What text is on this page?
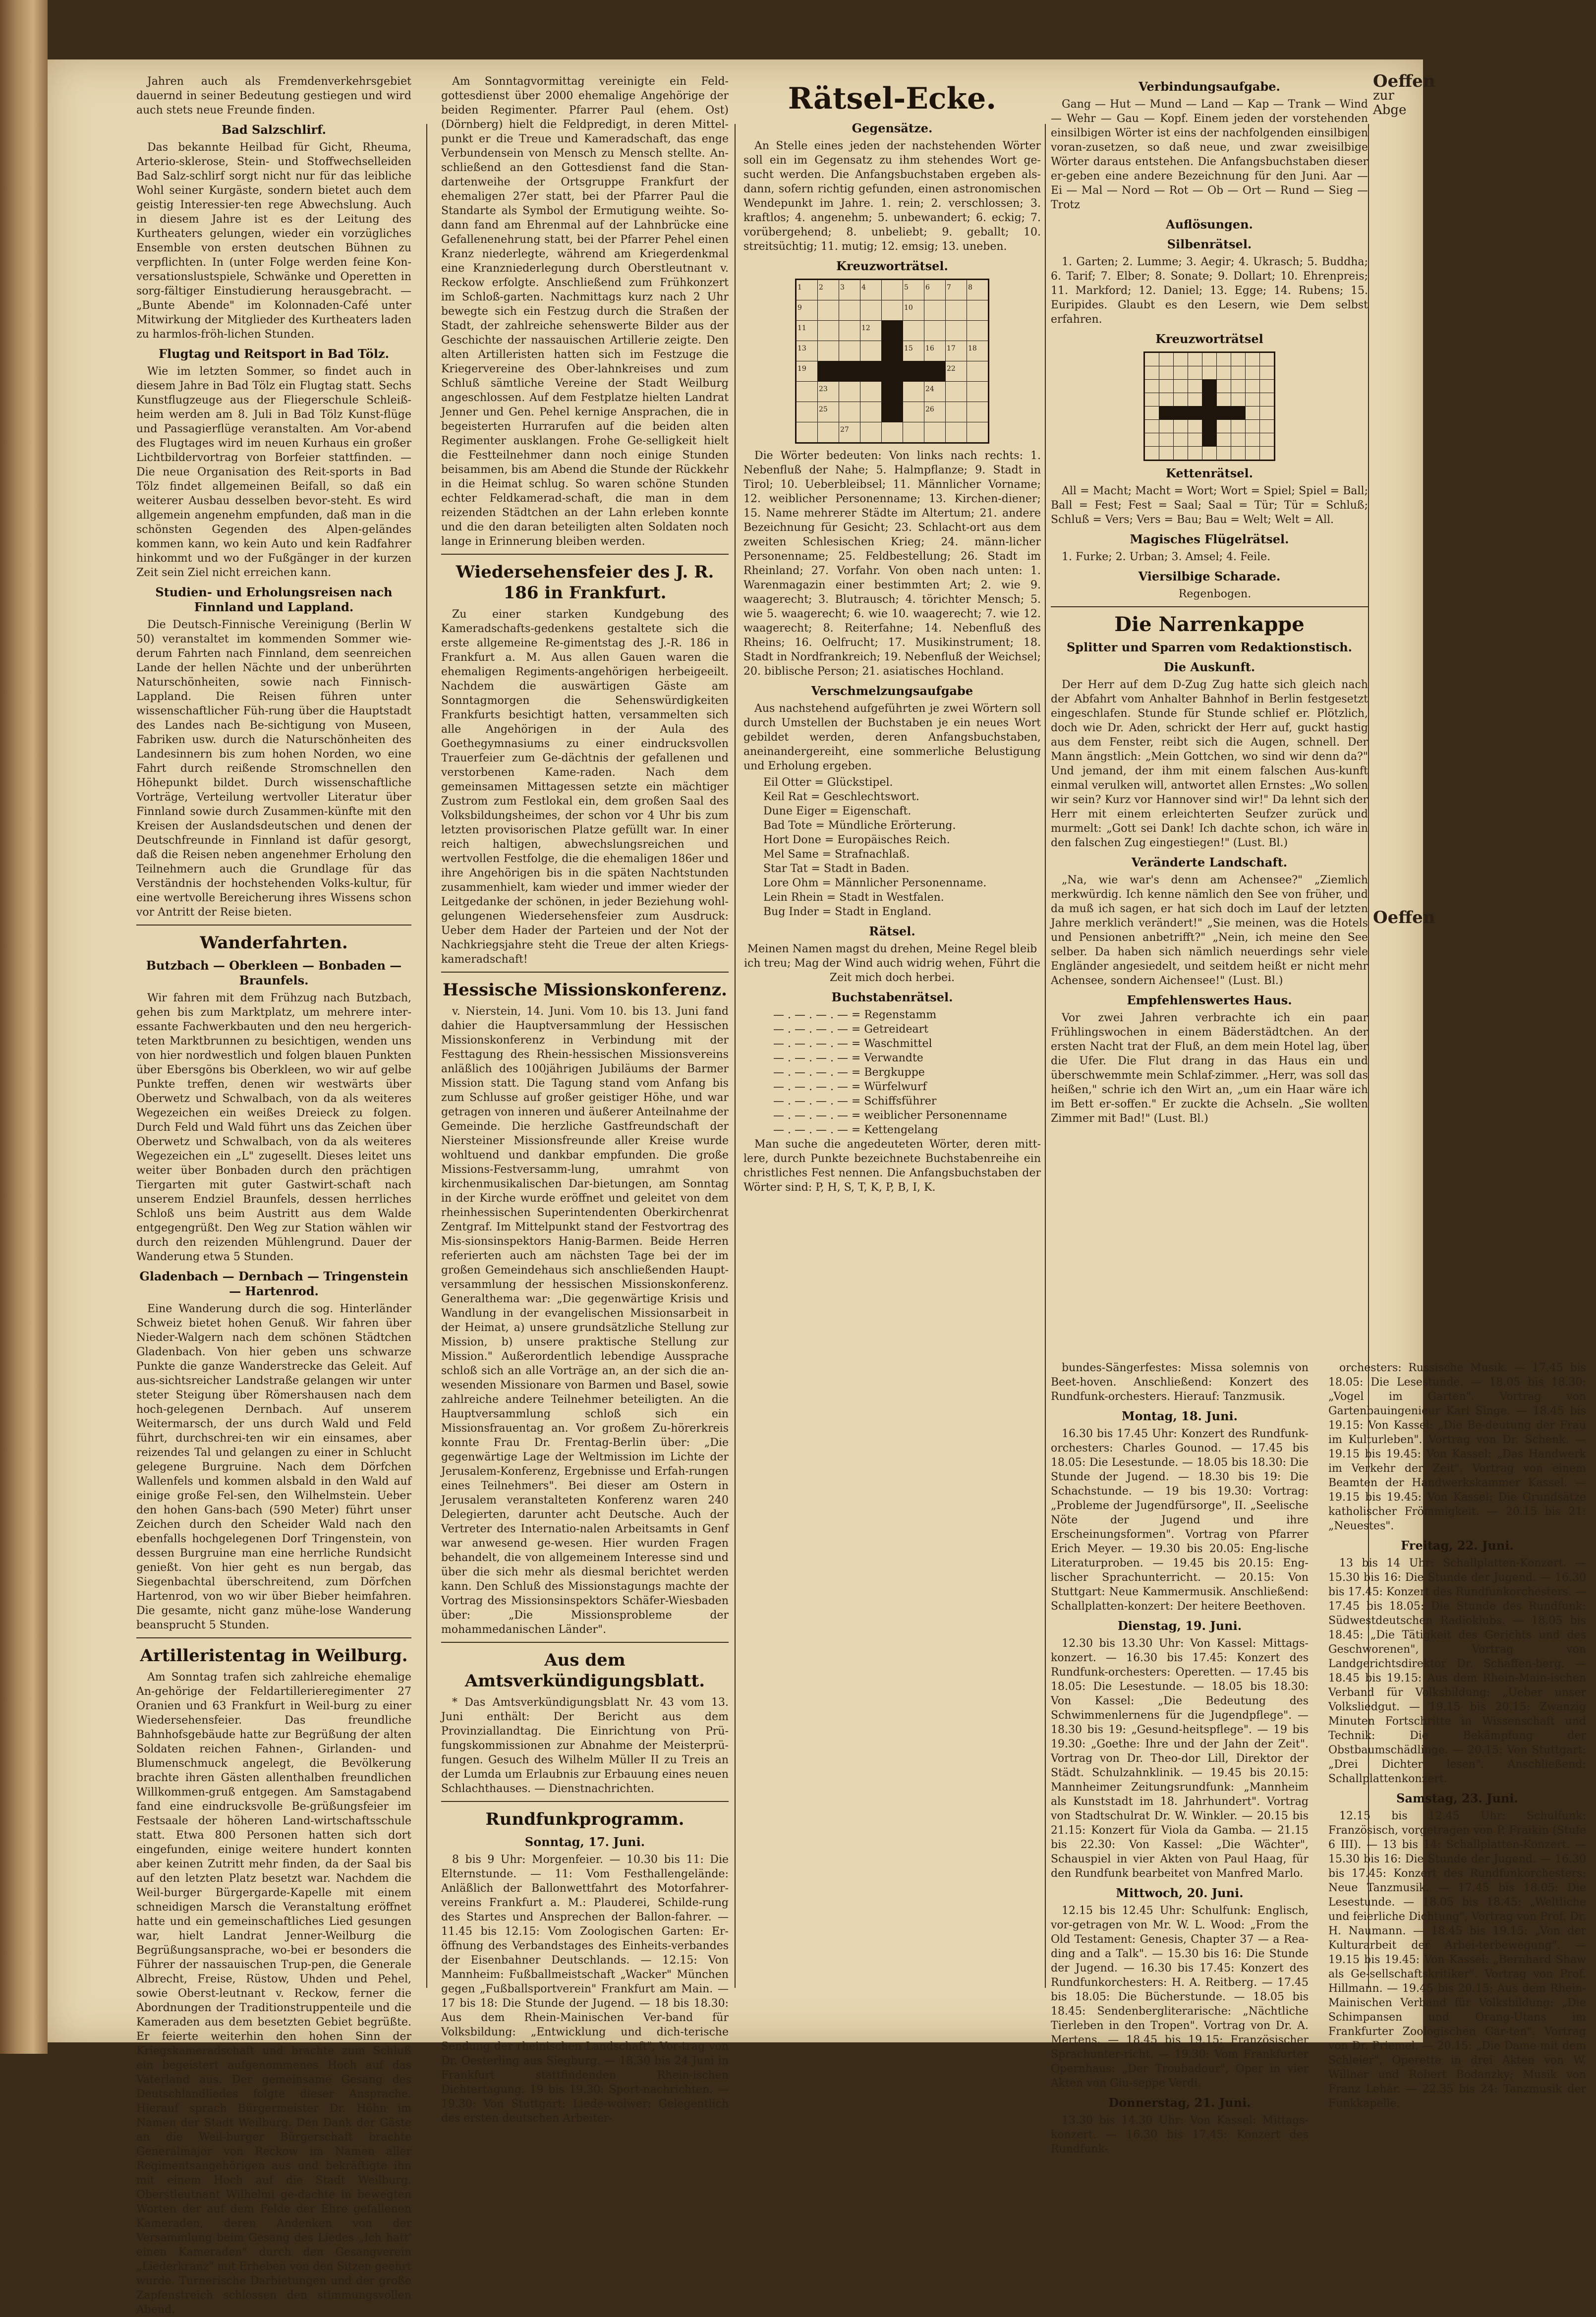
Jahren auch als Fremdenverkehrsgebiet dauernd in seiner Bedeutung gestiegen und wird auch stets neue Freunde finden.

Bad Salzschlirf.

Das bekannte Heilbad für Gicht, Rheuma, Arterio-sklerose, Stein- und Stoffwechselleiden Bad Salz-schlirf sorgt nicht nur für das leibliche Wohl seiner Kurgäste, sondern bietet auch dem geistig Interessier-ten rege Abwechslung. Auch in diesem Jahre ist es der Leitung des Kurtheaters gelungen, wieder ein vorzügliches Ensemble von ersten deutschen Bühnen zu verpflichten. In (unter Folge werden feine Kon-versationslustspiele, Schwänke und Operetten in sorg-fältiger Einstudierung herausgebracht. — „Bunte Abende" im Kolonnaden-Café unter Mitwirkung der Mitglieder des Kurtheaters laden zu harmlos-fröh-lichen Stunden.

Flugtag und Reitsport in Bad Tölz.

Wie im letzten Sommer, so findet auch in diesem Jahre in Bad Tölz ein Flugtag statt. Sechs Kunstflugzeuge aus der Fliegerschule Schleiß-heim werden am 8. Juli in Bad Tölz Kunst-flüge und Passagierflüge veranstalten. Am Vor-abend des Flugtages wird im neuen Kurhaus ein großer Lichtbildervortrag von Borfeier stattfinden. — Die neue Organisation des Reit-sports in Bad Tölz findet allgemeinen Beifall, so daß ein weiterer Ausbau desselben bevor-steht. Es wird allgemein angenehm empfunden, daß man in die schönsten Gegenden des Alpen-geländes kommen kann, wo kein Auto und kein Radfahrer hinkommt und wo der Fußgänger in der kurzen Zeit sein Ziel nicht erreichen kann.

Studien- und Erholungsreisen nach Finnland und Lappland.

Die Deutsch-Finnische Vereinigung (Berlin W 50) veranstaltet im kommenden Sommer wie-derum Fahrten nach Finnland, dem seenreichen Lande der hellen Nächte und der unberührten Naturschönheiten, sowie nach Finnisch-Lappland. Die Reisen führen unter wissenschaftlicher Füh-rung über die Hauptstadt des Landes nach Be-sichtigung von Museen, Fabriken usw. durch die Naturschönheiten des Landesinnern bis zum hohen Norden, wo eine Fahrt durch reißende Stromschnellen den Höhepunkt bildet. Durch wissenschaftliche Vorträge, Verteilung wertvoller Literatur über Finnland sowie durch Zusammen-künfte mit den Kreisen der Auslandsdeutschen und denen der Deutschfreunde in Finnland ist dafür gesorgt, daß die Reisen neben angenehmer Erholung den Teilnehmern auch die Grundlage für das Verständnis der hochstehenden Volks-kultur, für eine wertvolle Bereicherung ihres Wissens schon vor Antritt der Reise bieten.

Wanderfahrten.
Butzbach — Oberkleen — Bonbaden — Braunfels.

Wir fahren mit dem Frühzug nach Butzbach, gehen bis zum Marktplatz, um mehrere inter-essante Fachwerkbauten und den neu hergerich-teten Marktbrunnen zu besichtigen, wenden uns von hier nordwestlich und folgen blauen Punkten über Ebersgöns bis Oberkleen, wo wir auf gelbe Punkte treffen, denen wir westwärts über Oberwetz und Schwalbach, von da als weiteres Wegezeichen ein weißes Dreieck zu folgen. Durch Feld und Wald führt uns das Zeichen über Oberwetz und Schwalbach, von da als weiteres Wegezeichen ein „L" zugesellt. Dieses leitet uns weiter über Bonbaden durch den prächtigen Tiergarten mit guter Gastwirt-schaft nach unserem Endziel Braunfels, dessen herrliches Schloß uns beim Austritt aus dem Walde entgegengrüßt. Den Weg zur Station wählen wir durch den reizenden Mühlengrund. Dauer der Wanderung etwa 5 Stunden.

Gladenbach — Dernbach — Tringenstein — Hartenrod.

Eine Wanderung durch die sog. Hinterländer Schweiz bietet hohen Genuß. Wir fahren über Nieder-Walgern nach dem schönen Städtchen Gladenbach. Von hier geben uns schwarze Punkte die ganze Wanderstrecke das Geleit. Auf aus-sichtsreicher Landstraße gelangen wir unter steter Steigung über Römershausen nach dem hoch-gelegenen Dernbach. Auf unserem Weitermarsch, der uns durch Wald und Feld führt, durchschrei-ten wir ein einsames, aber reizendes Tal und gelangen zu einer in Schlucht gelegene Burgruine. Nach dem Dörfchen Wallenfels und kommen alsbald in den Wald auf einige große Fel-sen, den Wilhelmstein. Ueber den hohen Gans-bach (590 Meter) führt unser Zeichen durch den Scheider Wald nach den ebenfalls hochgelegenen Dorf Tringenstein, von dessen Burgruine man eine herrliche Rundsicht genießt. Von hier geht es nun bergab, das Siegenbachtal überschreitend, zum Dörfchen Hartenrod, von wo wir über Bieber heimfahren. Die gesamte, nicht ganz mühe-lose Wanderung beansprucht 5 Stunden.

Artilleristentag in Weilburg.

Am Sonntag trafen sich zahlreiche ehemalige An-gehörige der Feldartillerieregimenter 27 Oranien und 63 Frankfurt in Weil-burg zu einer Wiedersehensfeier. Das freundliche Bahnhofsgebäude hatte zur Begrüßung der alten Soldaten reichen Fahnen-, Girlanden- und Blumenschmuck angelegt, die Bevölkerung brachte ihren Gästen allenthalben freundlichen Willkommen-gruß entgegen. Am Samstagabend fand eine eindrucksvolle Be-grüßungsfeier im Festsaale der höheren Land-wirtschaftsschule statt. Etwa 800 Personen hatten sich dort eingefunden, einige weitere hundert konnten aber keinen Zutritt mehr finden, da der Saal bis auf den letzten Platz besetzt war. Nachdem die Weil-burger Bürgergarde-Kapelle mit einem schneidigen Marsch die Veranstaltung eröffnet hatte und ein gemeinschaftliches Lied gesungen war, hielt Landrat Jenner-Weilburg die Begrüßungsansprache, wo-bei er besonders die Führer der nassauischen Trup-pen, die Generale Albrecht, Freise, Rüstow, Uhden und Pehel, sowie Oberst-leutnant v. Reckow, ferner die Abordnungen der Traditionstruppenteile und die Kameraden aus dem besetzten Gebiet begrüßte. Er feierte weiterhin den hohen Sinn der Kriegskameradschaft und brachte zum Schluß ein begeistert aufgenommenes Hoch auf das Vaterland aus. Der gemeinsame Gesang des Deutschlandliedes folgte dieser Ansprache. Hierauf sprach Bürgermeister Dr. Höhn im Namen der Stadt Weilburg. Den Dank der Gäste an die Weil-burger Bürgerschaft brachte Generalmajor von Reckow im Namen aller Regimentsangehörigen aus und bekräftigte ihn mit einem Hoch auf die Stadt Weilburg. Oberstleutnant Wilhelmi ge-dachte in bewegten Worten der auf dem Felde der Ehre gefallenen Kameraden, deren Andenken von der Versammlung beim Gesang des Liedes „Ich hatt' einen Kameraden" durch den Gesangverein „Liederkranz" mit Erheben von den Sitzen geehrt wurde. Turnerische Darbietungen und der große Zapfenstreich schlossen den stimmungsvollen Abend.

Am Sonntagvormittag vereinigte ein Feld-gottesdienst über 2000 ehemalige Angehörige der beiden Regimenter. Pfarrer Paul (ehem. Ost) (Dörnberg) hielt die Feldpredigt, in deren Mittel-punkt er die Treue und Kameradschaft, das enge Verbundensein von Mensch zu Mensch stellte. An-schließend an den Gottesdienst fand die Stan-dartenweihe der Ortsgruppe Frankfurt der ehemaligen 27er statt, bei der Pfarrer Paul die Standarte als Symbol der Ermutigung weihte. So-dann fand am Ehrenmal auf der Lahnbrücke eine Gefallenenehrung statt, bei der Pfarrer Pehel einen Kranz niederlegte, während am Kriegerdenkmal eine Kranzniederlegung durch Oberstleutnant v. Reckow erfolgte. Anschließend zum Frühkonzert im Schloß-garten. Nachmittags kurz nach 2 Uhr bewegte sich ein Festzug durch die Straßen der Stadt, der zahlreiche sehenswerte Bilder aus der Geschichte der nassauischen Artillerie zeigte. Den alten Artilleristen hatten sich im Festzuge die Kriegervereine des Ober-lahnkreises und zum Schluß sämtliche Vereine der Stadt Weilburg angeschlossen. Auf dem Festplatze hielten Landrat Jenner und Gen. Pehel kernige Ansprachen, die in begeisterten Hurrarufen auf die beiden alten Regimenter ausklangen. Frohe Ge-selligkeit hielt die Festteilnehmer dann noch einige Stunden beisammen, bis am Abend die Stunde der Rückkehr in die Heimat schlug. So waren schöne Stunden echter Feldkamerad-schaft, die man in dem reizenden Städtchen an der Lahn erleben konnte und die den daran beteiligten alten Soldaten noch lange in Erinnerung bleiben werden.

Wiedersehensfeier des J. R. 186 in Frankfurt.

Zu einer starken Kundgebung des Kameradschafts-gedenkens gestaltete sich die erste allgemeine Re-gimentstag des J.-R. 186 in Frankfurt a. M. Aus allen Gauen waren die ehemaligen Regiments-angehörigen herbeigeeilt. Nachdem die auswärtigen Gäste am Sonntagmorgen die Sehenswürdigkeiten Frankfurts besichtigt hatten, versammelten sich alle Angehörigen in der Aula des Goethegymnasiums zu einer eindrucksvollen Trauerfeier zum Ge-dächtnis der gefallenen und verstorbenen Kame-raden. Nach dem gemeinsamen Mittagessen setzte ein mächtiger Zustrom zum Festlokal ein, dem großen Saal des Volksbildungsheimes, der schon vor 4 Uhr bis zum letzten provisorischen Platze gefüllt war. In einer reich haltigen, abwechslungsreichen und wertvollen Festfolge, die die ehemaligen 186er und ihre Angehörigen bis in die späten Nachtstunden zusammenhielt, kam wieder und immer wieder der Leitgedanke der schönen, in jeder Beziehung wohl-gelungenen Wiedersehensfeier zum Ausdruck: Ueber dem Hader der Parteien und der Not der Nachkriegsjahre steht die Treue der alten Kriegs-kameradschaft!

Hessische Missionskonferenz.

v. Nierstein, 14. Juni. Vom 10. bis 13. Juni fand dahier die Hauptversammlung der Hessischen Missionskonferenz in Verbindung mit der Festtagung des Rhein-hessischen Missionsvereins anläßlich des 100jährigen Jubiläums der Barmer Mission statt. Die Tagung stand vom Anfang bis zum Schlusse auf großer geistiger Höhe, und war getragen von inneren und äußerer Anteilnahme der Gemeinde. Die herzliche Gastfreundschaft der Niersteiner Missionsfreunde aller Kreise wurde wohltuend und dankbar empfunden. Die große Missions-Festversamm-lung, umrahmt von kirchenmusikalischen Dar-bietungen, am Sonntag in der Kirche wurde eröffnet und geleitet von dem rheinhessischen Superintendenten Oberkirchenrat Zentgraf. Im Mittelpunkt stand der Festvortrag des Mis-sionsinspektors Hanig-Barmen. Beide Herren referierten auch am nächsten Tage bei der im großen Gemeindehaus sich anschließenden Haupt-versammlung der hessischen Missionskonferenz. Generalthema war: „Die gegenwärtige Krisis und Wandlung in der evangelischen Missionsarbeit in der Heimat, a) unsere grundsätzliche Stellung zur Mission, b) unsere praktische Stellung zur Mission." Außerordentlich lebendige Aussprache schloß sich an alle Vorträge an, an der sich die an-wesenden Missionare von Barmen und Basel, sowie zahlreiche andere Teilnehmer beteiligten. An die Hauptversammlung schloß sich ein Missionsfrauentag an. Vor großem Zu-hörerkreis konnte Frau Dr. Frentag-Berlin über: „Die gegenwärtige Lage der Weltmission im Lichte der Jerusalem-Konferenz, Ergebnisse und Erfah-rungen eines Teilnehmers". Bei dieser am Ostern in Jerusalem veranstalteten Konferenz waren 240 Delegierten, darunter acht Deutsche. Auch der Vertreter des Internatio-nalen Arbeitsamts in Genf war anwesend ge-wesen. Hier wurden Fragen behandelt, die von allgemeinem Interesse sind und über die sich mehr als diesmal berichtet werden kann. Den Schluß des Missionstagungs machte der Vortrag des Missionsinspektors Schäfer-Wiesbaden über: „Die Missionsprobleme der mohammedanischen Länder".

Aus dem Amtsverkündigungsblatt.

* Das Amtsverkündigungsblatt Nr. 43 vom 13. Juni enthält: Der Bericht aus dem Provinziallandtag. Die Einrichtung von Prü-fungskommissionen zur Abnahme der Meisterprü-fungen. Gesuch des Wilhelm Müller II zu Treis an der Lumda um Erlaubnis zur Erbauung eines neuen Schlachthauses. — Dienstnachrichten.

Rundfunkprogramm.
Sonntag, 17. Juni.

8 bis 9 Uhr: Morgenfeier. — 10.30 bis 11: Die Elternstunde. — 11: Vom Festhallengelände: Anläßlich der Ballonwettfahrt des Motorfahrer-vereins Frankfurt a. M.: Plauderei, Schilde-rung des Startes und Ansprechen der Ballon-fahrer. — 11.45 bis 12.15: Vom Zoologischen Garten: Er-öffnung des Verbandstages des Einheits-verbandes der Eisenbahner Deutschlands. — 12.15: Von Mannheim: Fußballmeistschaft „Wacker" München gegen „Fußballsportverein" Frankfurt am Main. — 17 bis 18: Die Stunde der Jugend. — 18 bis 18.30: Aus dem Rhein-Mainischen Ver-band für Volksbildung: „Entwicklung und dich-terische Sendung der rheinischen Landschaft", Vor-trag von Dr. Oesterling aus Siegburg. — 18.30 bis 24 Juni in Frankfurt stattfindenden Rhein-ischen Dichtertagung. 19 bis 19.30: Sport-nachrichten. — 19.30: Von Stuttgart: Liede-wolwer: Gelegentlich des ersten deutschen Arbeiter-

Rätsel-Ecke.
Gegensätze.

An Stelle eines jeden der nachstehenden Wörter soll ein im Gegensatz zu ihm stehendes Wort ge-sucht werden. Die Anfangsbuchstaben ergeben als-dann, sofern richtig gefunden, einen astronomischen Wendepunkt im Jahre. 1. rein; 2. verschlossen; 3. kraftlos; 4. angenehm; 5. unbewandert; 6. eckig; 7. vorübergehend; 8. unbeliebt; 9. geballt; 10. streitsüchtig; 11. mutig; 12. emsig; 13. uneben.

Kreuzworträtsel.
1	2	3	4		5	6	7	8
9					10			
11			12					
13					15	16	17	18
19							22	
	23					24		
	25					26		
		27						

Die Wörter bedeuten: Von links nach rechts: 1. Nebenfluß der Nahe; 5. Halmpflanze; 9. Stadt in Tirol; 10. Ueberbleibsel; 11. Männlicher Vorname; 12. weiblicher Personenname; 13. Kirchen-diener; 15. Name mehrerer Städte im Altertum; 21. andere Bezeichnung für Gesicht; 23. Schlacht-ort aus dem zweiten Schlesischen Krieg; 24. männ-licher Personenname; 25. Feldbestellung; 26. Stadt im Rheinland; 27. Vorfahr. Von oben nach unten: 1. Warenmagazin einer bestimmten Art; 2. wie 9. waagerecht; 3. Blutrausch; 4. törichter Mensch; 5. wie 5. waagerecht; 6. wie 10. waagerecht; 7. wie 12. waagerecht; 8. Reiterfahne; 14. Nebenfluß des Rheins; 16. Oelfrucht; 17. Musikinstrument; 18. Stadt in Nordfrankreich; 19. Nebenfluß der Weichsel; 20. biblische Person; 21. asiatisches Hochland.

Verschmelzungsaufgabe

Aus nachstehend aufgeführten je zwei Wörtern soll durch Umstellen der Buchstaben je ein neues Wort gebildet werden, deren Anfangsbuchstaben, aneinandergereiht, eine sommerliche Belustigung und Erholung ergeben.

Eil Otter = Glückstipel.
Keil Rat = Geschlechtswort.
Dune Eiger = Eigenschaft.
Bad Tote = Mündliche Erörterung.
Hort Done = Europäisches Reich.
Mel Same = Strafnachlaß.
Star Tat = Stadt in Baden.
Lore Ohm = Männlicher Personenname.
Lein Rhein = Stadt in Westfalen.
Bug Inder = Stadt in England.
Rätsel.

Meinen Namen magst du drehen, Meine Regel bleib ich treu; Mag der Wind auch widrig wehen, Führt die Zeit mich doch herbei.

Buchstabenrätsel.
— . — . — . — = Regenstamm
— . — . — . — = Getreideart
— . — . — . — = Waschmittel
— . — . — . — = Verwandte
— . — . — . — = Bergkuppe
— . — . — . — = Würfelwurf
— . — . — . — = Schiffsführer
— . — . — . — = weiblicher Personenname
— . — . — . — = Kettengelang

Man suche die angedeuteten Wörter, deren mitt-lere, durch Punkte bezeichnete Buchstabenreihe ein christliches Fest nennen. Die Anfangsbuchstaben der Wörter sind: P, H, S, T, K, P, B, I, K.

Verbindungsaufgabe.

Gang — Hut — Mund — Land — Kap — Trank — Wind — Wehr — Gau — Kopf. Einem jeden der vorstehenden einsilbigen Wörter ist eins der nachfolgenden einsilbigen voran-zusetzen, so daß neue, und zwar zweisilbige Wörter daraus entstehen. Die Anfangsbuchstaben dieser er-geben eine andere Bezeichnung für den Juni. Aar — Ei — Mal — Nord — Rot — Ob — Ort — Rund — Sieg — Trotz

Auflösungen.
Silbenrätsel.

1. Garten; 2. Lumme; 3. Aegir; 4. Ukrasch; 5. Buddha; 6. Tarif; 7. Elber; 8. Sonate; 9. Dollart; 10. Ehrenpreis; 11. Markford; 12. Daniel; 13. Egge; 14. Rubens; 15. Euripides. Glaubt es den Lesern, wie Dem selbst erfahren.

Kreuzworträtsel

Kettenrätsel.

All = Macht; Macht = Wort; Wort = Spiel; Spiel = Ball; Ball = Fest; Fest = Saal; Saal = Tür; Tür = Schluß; Schluß = Vers; Vers = Bau; Bau = Welt; Welt = All.

Magisches Flügelrätsel.

1. Furke; 2. Urban; 3. Amsel; 4. Feile.

Viersilbige Scharade.

Regenbogen.

Die Narrenkappe
Splitter und Sparren vom Redaktionstisch.
Die Auskunft.

Der Herr auf dem D-Zug Zug hatte sich gleich nach der Abfahrt vom Anhalter Bahnhof in Berlin festgesetzt eingeschlafen. Stunde für Stunde schlief er. Plötzlich, doch wie Dr. Aden, schrickt der Herr auf, guckt hastig aus dem Fenster, reibt sich die Augen, schnell. Der Mann ängstlich: „Mein Gottchen, wo sind wir denn da?" Und jemand, der ihm mit einem falschen Aus-kunft einmal verulken will, antwortet allen Ernstes: „Wo sollen wir sein? Kurz vor Hannover sind wir!" Da lehnt sich der Herr mit einem erleichterten Seufzer zurück und murmelt: „Gott sei Dank! Ich dachte schon, ich wäre in den falschen Zug eingestiegen!" (Lust. Bl.)

Veränderte Landschaft.

„Na, wie war's denn am Achensee?" „Ziemlich merkwürdig. Ich kenne nämlich den See von früher, und da muß ich sagen, er hat sich doch im Lauf der letzten Jahre merklich verändert!" „Sie meinen, was die Hotels und Pensionen anbetrifft?" „Nein, ich meine den See selber. Da haben sich nämlich neuerdings sehr viele Engländer angesiedelt, und seitdem heißt er nicht mehr Achensee, sondern Aichensee!" (Lust. Bl.)

Empfehlenswertes Haus.

Vor zwei Jahren verbrachte ich ein paar Frühlingswochen in einem Bäderstädtchen. An der ersten Nacht trat der Fluß, an dem mein Hotel lag, über die Ufer. Die Flut drang in das Haus ein und überschwemmte mein Schlaf-zimmer. „Herr, was soll das heißen," schrie ich den Wirt an, „um ein Haar wäre ich im Bett er-soffen." Er zuckte die Achseln. „Sie wollten Zimmer mit Bad!" (Lust. Bl.)

bundes-Sängerfestes: Missa solemnis von Beet-hoven. Anschließend: Konzert des Rundfunk-orchesters. Hierauf: Tanzmusik.

Montag, 18. Juni.

16.30 bis 17.45 Uhr: Konzert des Rundfunk-orchesters: Charles Gounod. — 17.45 bis 18.05: Die Lesestunde. — 18.05 bis 18.30: Die Stunde der Jugend. — 18.30 bis 19: Die Schachstunde. — 19 bis 19.30: Vortrag: „Probleme der Jugendfürsorge", II. „Seelische Nöte der Jugend und ihre Erscheinungsformen". Vortrag von Pfarrer Erich Meyer. — 19.30 bis 20.05: Eng-lische Literaturproben. — 19.45 bis 20.15: Eng-lischer Sprachunterricht. — 20.15: Von Stuttgart: Neue Kammermusik. Anschließend: Schallplatten-konzert: Der heitere Beethoven.

Dienstag, 19. Juni.

12.30 bis 13.30 Uhr: Von Kassel: Mittags-konzert. — 16.30 bis 17.45: Konzert des Rundfunk-orchesters: Operetten. — 17.45 bis 18.05: Die Lesestunde. — 18.05 bis 18.30: Von Kassel: „Die Bedeutung des Schwimmenlernens für die Jugendpflege". — 18.30 bis 19: „Gesund-heitspflege". — 19 bis 19.30: „Goethe: Ihre und der Jahn der Zeit". Vortrag von Dr. Theo-dor Lill, Direktor der Städt. Schulzahnklinik. — 19.45 bis 20.15: Mannheimer Zeitungsrundfunk: „Mannheim als Kunststadt im 18. Jahrhundert". Vortrag von Stadtschulrat Dr. W. Winkler. — 20.15 bis 21.15: Konzert für Viola da Gamba. — 21.15 bis 22.30: Von Kassel: „Die Wächter", Schauspiel in vier Akten von Paul Haag, für den Rundfunk bearbeitet von Manfred Marlo.

Mittwoch, 20. Juni.

12.15 bis 12.45 Uhr: Schulfunk: Englisch, vor-getragen von Mr. W. L. Wood: „From the Old Testament: Genesis, Chapter 37 — a Rea-ding and a Talk". — 15.30 bis 16: Die Stunde der Jugend. — 16.30 bis 17.45: Konzert des Rundfunkorchesters: H. A. Reitberg. — 17.45 bis 18.05: Die Bücherstunde. — 18.05 bis 18.45: Sendenbergliterarische: „Nächtliche Tierleben in den Tropen". Vortrag von Dr. A. Mertens. — 18.45 bis 19.15: Französischer Sprachunter-richt. — 19.30: Vom Frankfurter Opernhaus: „Der Troubadour", Oper in vier Akten von Giu-seppe Verdi.

Donnerstag, 21. Juni.

13.30 bis 14.30 Uhr: Von Kassel: Mittags-konzert. — 16.30 bis 17.45: Konzert des Rundfunk-

orchesters: Russische Musik. — 17.45 bis 18.05: Die Lesestunde. — 18.05 bis 18.30: „Vogel im Garten". Vortrag von Gartenbauingenieur Karl Singe. — 18.45 bis 19.15: Von Kassel: „Die Be-deutung der Frau im Kulturleben". Vortrag von Dr. Schenk. — 19.15 bis 19.45: Von Kassel: „Das Handwerk im Verkehr der Zeit". Vortrag von einem Beamten der Handwerkskammer Kassel. — 19.15 bis 19.45: Von Kassel: Die Grundsätze katholischer Frömmigkeit. — 20.15 bis 21: „Neuestes".

Freitag, 22. Juni.

13 bis 14 Uhr: Schallplatten-Konzert. — 15.30 bis 16: Die Stunde der Jugend. — 16.30 bis 17.45: Konzert des Rundfunkorchesters. — 17.45 bis 18.05: Die Stunde des Rundfunk: Südwestdeutschen Radioklubs. — 18.05 bis 18.45: „Die Tätigkeit des Gerichts und des Geschworenen", Vortrag von Landgerichtsdirektor Dr. Schaffen-berg. — 18.45 bis 19.15: Aus dem Rhein-Main-ischen Verband für Volksbildung: „Ueber unser Volksliedgut. — 19.15 bis 20.15: Zwanzig Minuten Fortschritte in Wissenschaft und Technik: Die Bekämpfung der Obstbaumschädlinge. — 20.15: Von Stuttgart: „Drei Dichter lesen". Anschließend: Schallplattenkonzert.

Samstag, 23. Juni.

12.15 bis 12.45 Uhr: Schulfunk: Französisch, vorgetragen von P. Fraikin (Stufe 6 III). — 13 bis 14: Schallplatten-Konzert. — 15.30 bis 16: Die Stunde der Jugend. — 16.30 bis 17.45: Konzert des Rundfunkorchesters: Neue Tanzmusik. — 17.45 bis 18.05: Die Lesestunde. — 18.05 bis 18.45: „Weltliche und feierliche Dichtung", Vortrag von Prof. Dr. H. Naumann. — 18.45 bis 19.15: „Von der Kulturarbeit der Arbei-terbewegung". — 19.15 bis 19.45: Von Kassel: „Bernhard Shaw als Ge-sellschaftskritiker". Vortrag von Prof. Hillmann. — 19.45 bis 20.15: Aus dem Rhein-Mainischen Verband für Volksbildung: „Die Schimpansen und Orang-Utans im Frankfurter Zoologischen Gar-ten". Vortrag von Dr. Priemel. — 20.15: „Die Dame mit dem Schleier", Operette in drei Akten von W. Willner und Robert Bodanzky; Musik von Franz Lehár. — 22.35 bis 24: Tanzmusik der Funkkapelle.

Oeffen
zur Abge
Oeffen
